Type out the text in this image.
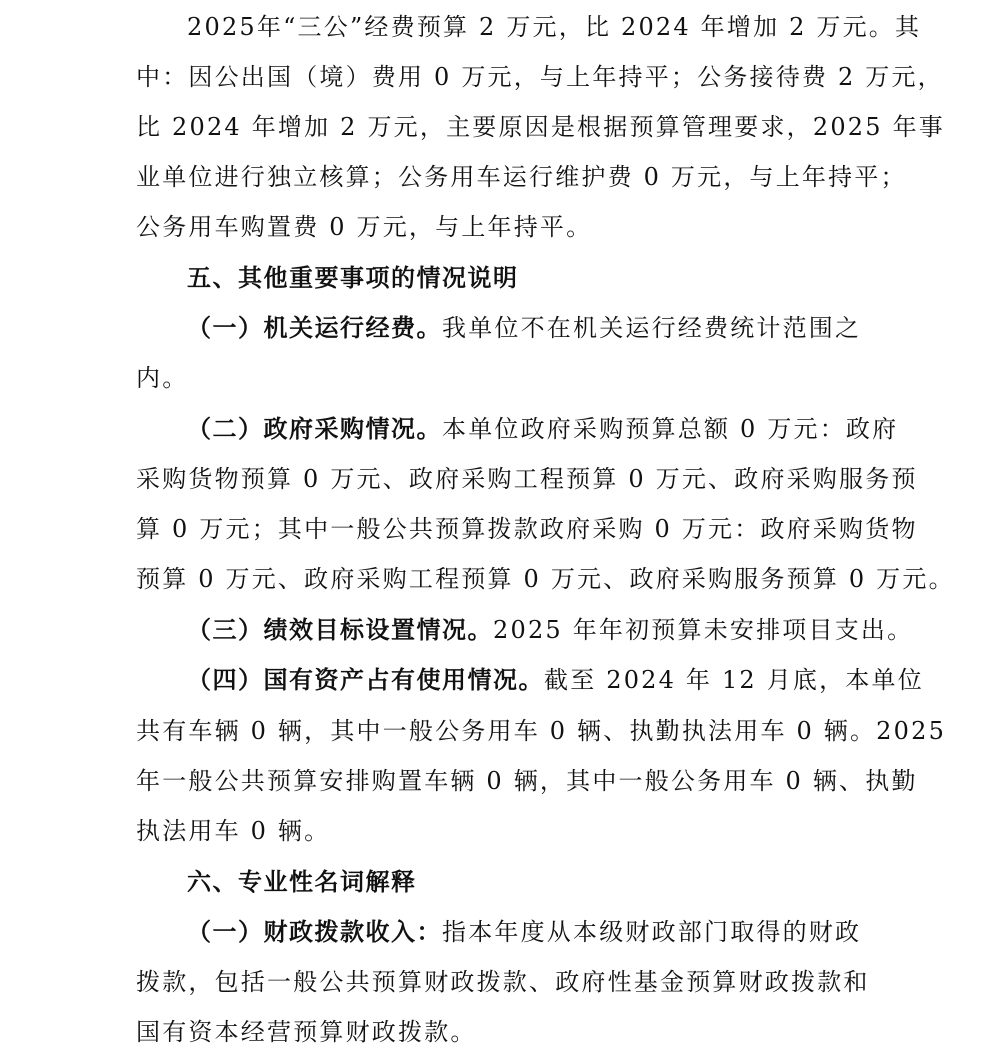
2025年“三公”经费预算 2 万元，比 2024 年增加 2 万元。其
中：因公出国（境）费用 0 万元，与上年持平；公务接待费 2 万元，
比 2024 年增加 2 万元，主要原因是根据预算管理要求，2025 年事
业单位进行独立核算；公务用车运行维护费 0 万元，与上年持平；
公务用车购置费 0 万元，与上年持平。
五、其他重要事项的情况说明
（一）机关运行经费。我单位不在机关运行经费统计范围之
内。
（二）政府采购情况。本单位政府采购预算总额 0 万元：政府
采购货物预算 0 万元、政府采购工程预算 0 万元、政府采购服务预
算 0 万元；其中一般公共预算拨款政府采购 0 万元：政府采购货物
预算 0 万元、政府采购工程预算 0 万元、政府采购服务预算 0 万元。
（三）绩效目标设置情况。2025 年年初预算未安排项目支出。
（四）国有资产占有使用情况。截至 2024 年 12 月底，本单位
共有车辆 0 辆，其中一般公务用车 0 辆、执勤执法用车 0 辆。2025
年一般公共预算安排购置车辆 0 辆，其中一般公务用车 0 辆、执勤
执法用车 0 辆。
六、专业性名词解释
（一）财政拨款收入：指本年度从本级财政部门取得的财政
拨款，包括一般公共预算财政拨款、政府性基金预算财政拨款和
国有资本经营预算财政拨款。
